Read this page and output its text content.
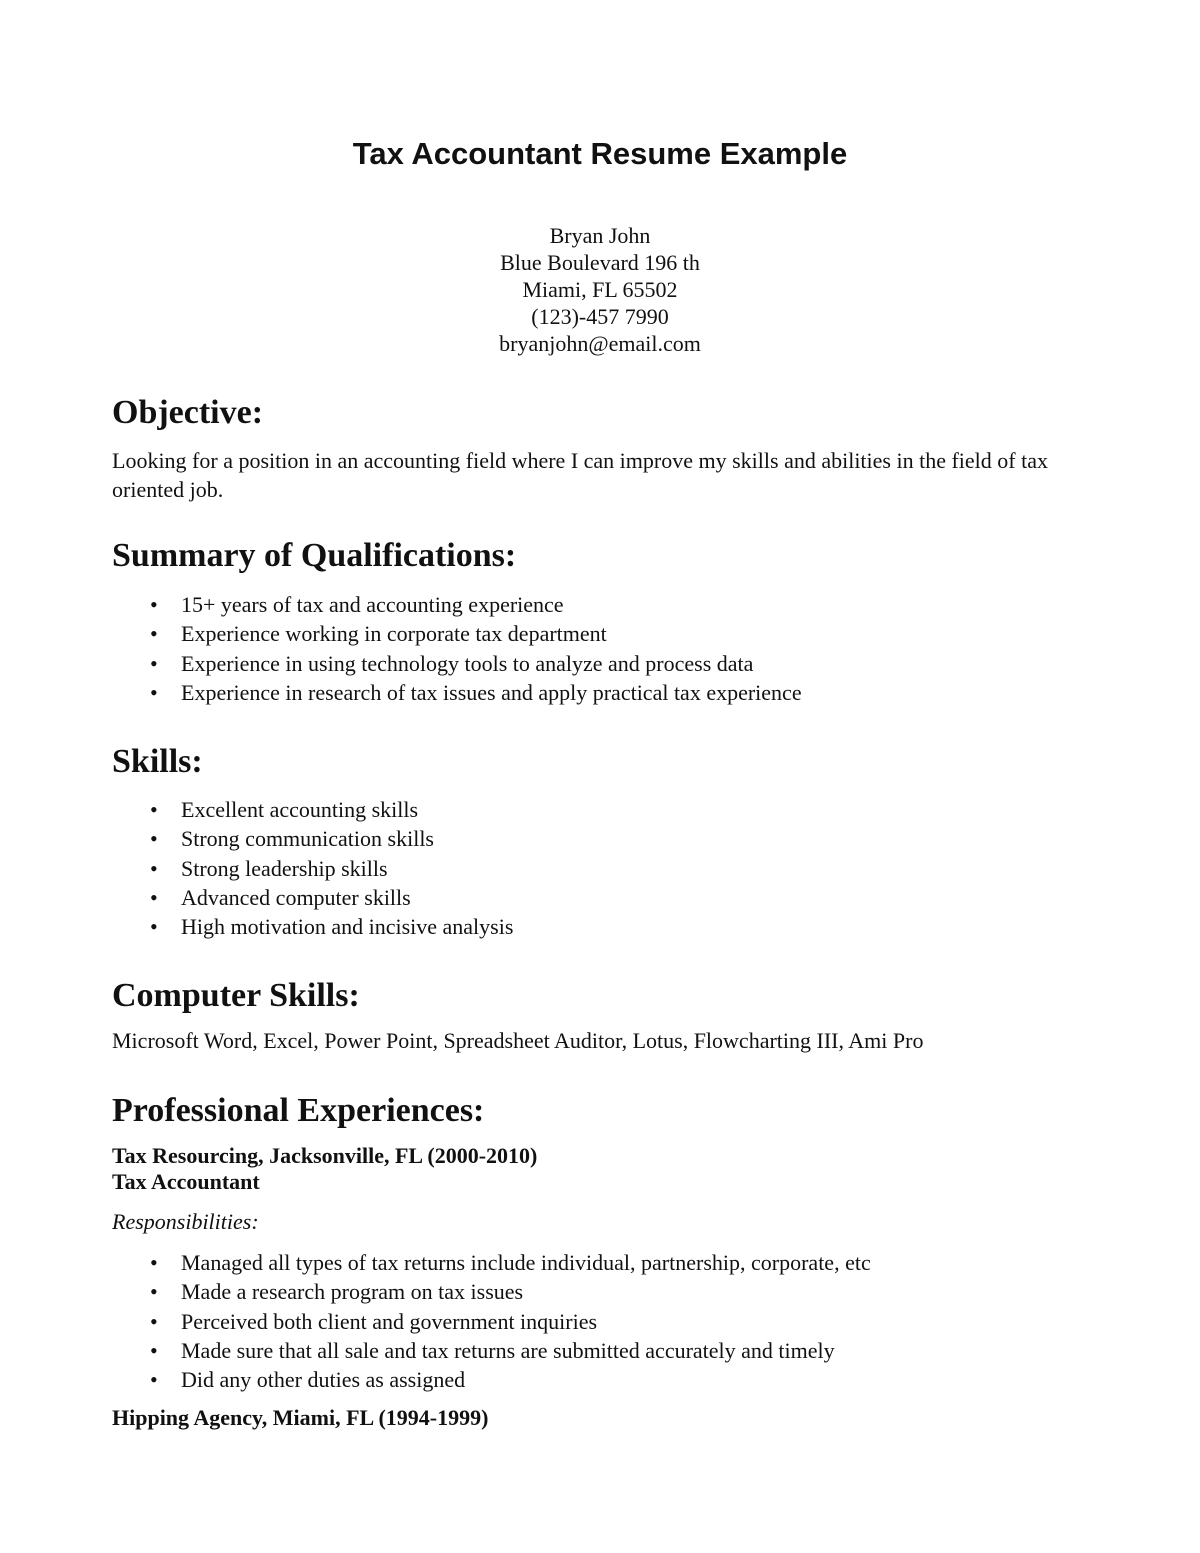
Tax Accountant Resume Example
Bryan John
Blue Boulevard 196 th
Miami, FL 65502
(123)-457 7990
bryanjohn@email.com
Objective:

Looking for a position in an accounting field where I can improve my skills and abilities in the field of tax oriented job.

Summary of Qualifications:
• 15+ years of tax and accounting experience
• Experience working in corporate tax department
• Experience in using technology tools to analyze and process data
• Experience in research of tax issues and apply practical tax experience
Skills:
• Excellent accounting skills
• Strong communication skills
• Strong leadership skills
• Advanced computer skills
• High motivation and incisive analysis
Computer Skills:

Microsoft Word, Excel, Power Point, Spreadsheet Auditor, Lotus, Flowcharting III, Ami Pro

Professional Experiences:

Tax Resourcing, Jacksonville, FL (2000-2010)

Tax Accountant

Responsibilities:

• Managed all types of tax returns include individual, partnership, corporate, etc
• Made a research program on tax issues
• Perceived both client and government inquiries
• Made sure that all sale and tax returns are submitted accurately and timely
• Did any other duties as assigned

Hipping Agency, Miami, FL (1994-1999)
